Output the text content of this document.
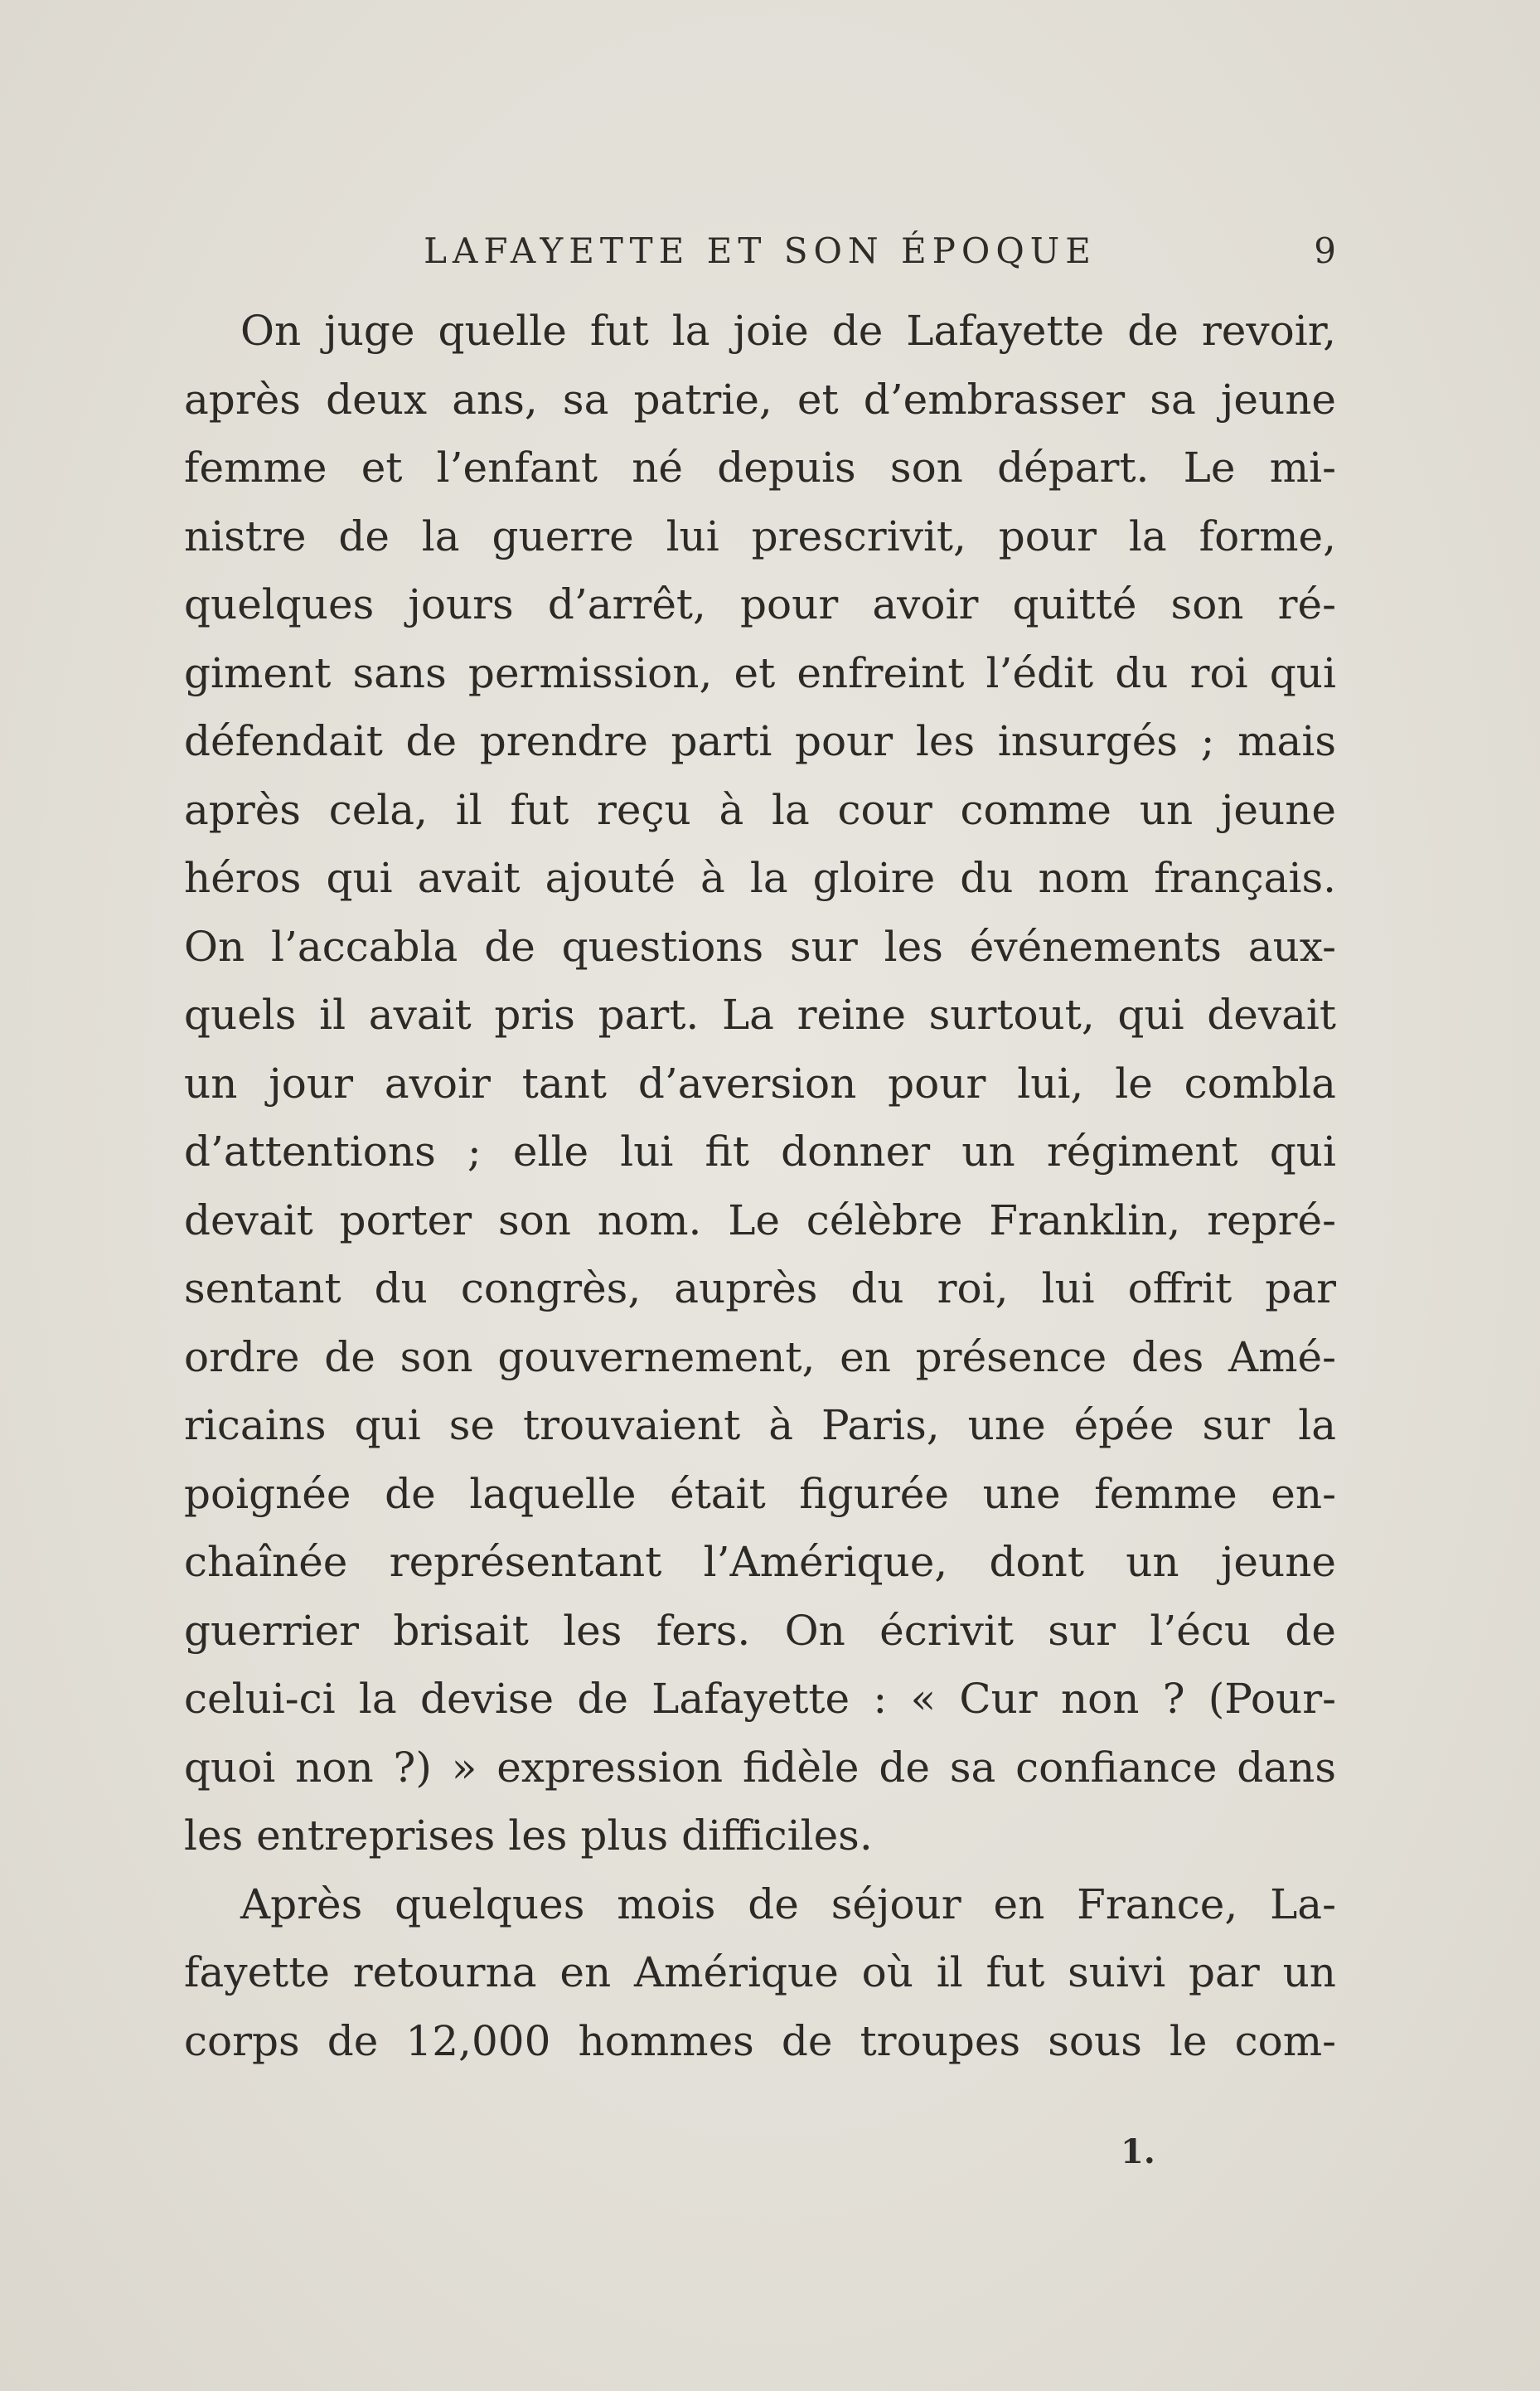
LAFAYETTE ET SON ÉPOQUE	9
On juge quelle fut la joie de Lafayette de revoir,
après deux ans, sa patrie, et d’embrasser sa jeune
femme et l’enfant né depuis son départ. Le mi-
nistre de la guerre lui prescrivit, pour la forme,
quelques jours d’arrêt, pour avoir quitté son ré-
giment sans permission, et enfreint l’édit du roi qui
défendait de prendre parti pour les insurgés ; mais
après cela, il fut reçu à la cour comme un jeune
héros qui avait ajouté à la gloire du nom français.
On l’accabla de questions sur les événements aux-
quels il avait pris part. La reine surtout, qui devait
un jour avoir tant d’aversion pour lui, le combla
d’attentions ; elle lui fit donner un régiment qui
devait porter son nom. Le célèbre Franklin, repré-
sentant du congrès, auprès du roi, lui offrit par
ordre de son gouvernement, en présence des Amé-
ricains qui se trouvaient à Paris, une épée sur la
poignée de laquelle était figurée une femme en-
chaînée représentant l’Amérique, dont un jeune
guerrier brisait les fers. On écrivit sur l’écu de
celui-ci la devise de Lafayette : « Cur non ? (Pour-
quoi non ?) » expression fidèle de sa confiance dans
les entreprises les plus difficiles.
Après quelques mois de séjour en France, La-
fayette retourna en Amérique où il fut suivi par un
corps de 12,000 hommes de troupes sous le com-
1.
